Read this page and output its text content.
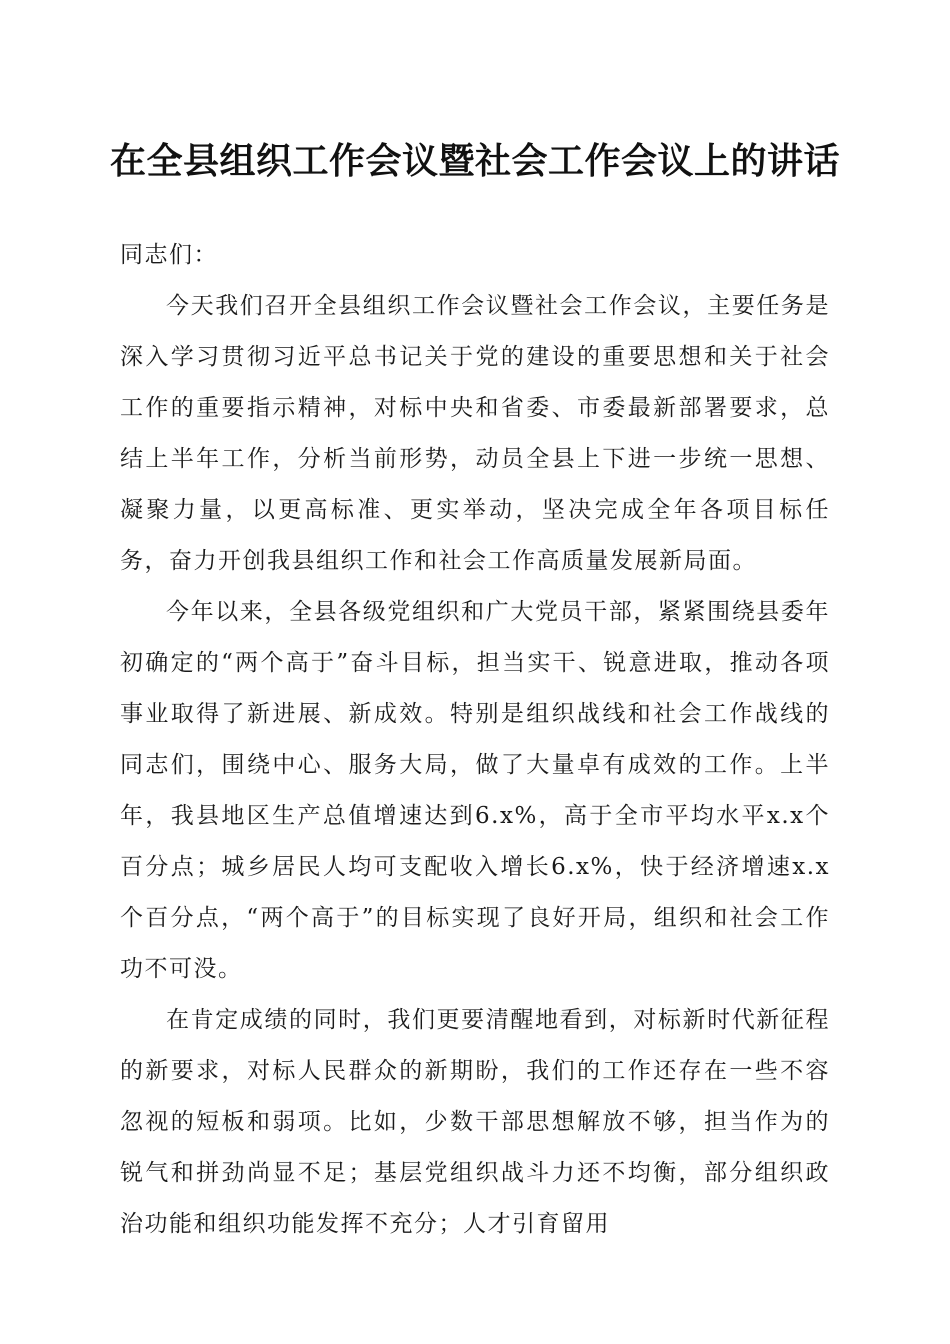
在全县组织工作会议暨社会工作会议上的讲话

同志们：

今天我们召开全县组织工作会议暨社会工作会议，主要任务是深入学习贯彻习近平总书记关于党的建设的重要思想和关于社会工作的重要指示精神，对标中央和省委、市委最新部署要求，总结上半年工作，分析当前形势，动员全县上下进一步统一思想、凝聚力量，以更高标准、更实举动，坚决完成全年各项目标任务，奋力开创我县组织工作和社会工作高质量发展新局面。

今年以来，全县各级党组织和广大党员干部，紧紧围绕县委年初确定的“两个高于”奋斗目标，担当实干、锐意进取，推动各项事业取得了新进展、新成效。特别是组织战线和社会工作战线的同志们，围绕中心、服务大局，做了大量卓有成效的工作。上半年，我县地区生产总值增速达到6.x%，高于全市平均水平x.x个百分点；城乡居民人均可支配收入增长6.x%，快于经济增速x.x个百分点，“两个高于”的目标实现了良好开局，组织和社会工作功不可没。

在肯定成绩的同时，我们更要清醒地看到，对标新时代新征程的新要求，对标人民群众的新期盼，我们的工作还存在一些不容忽视的短板和弱项。比如，少数干部思想解放不够，担当作为的锐气和拼劲尚显不足；基层党组织战斗力还不均衡，部分组织政治功能和组织功能发挥不充分；人才引育留用
